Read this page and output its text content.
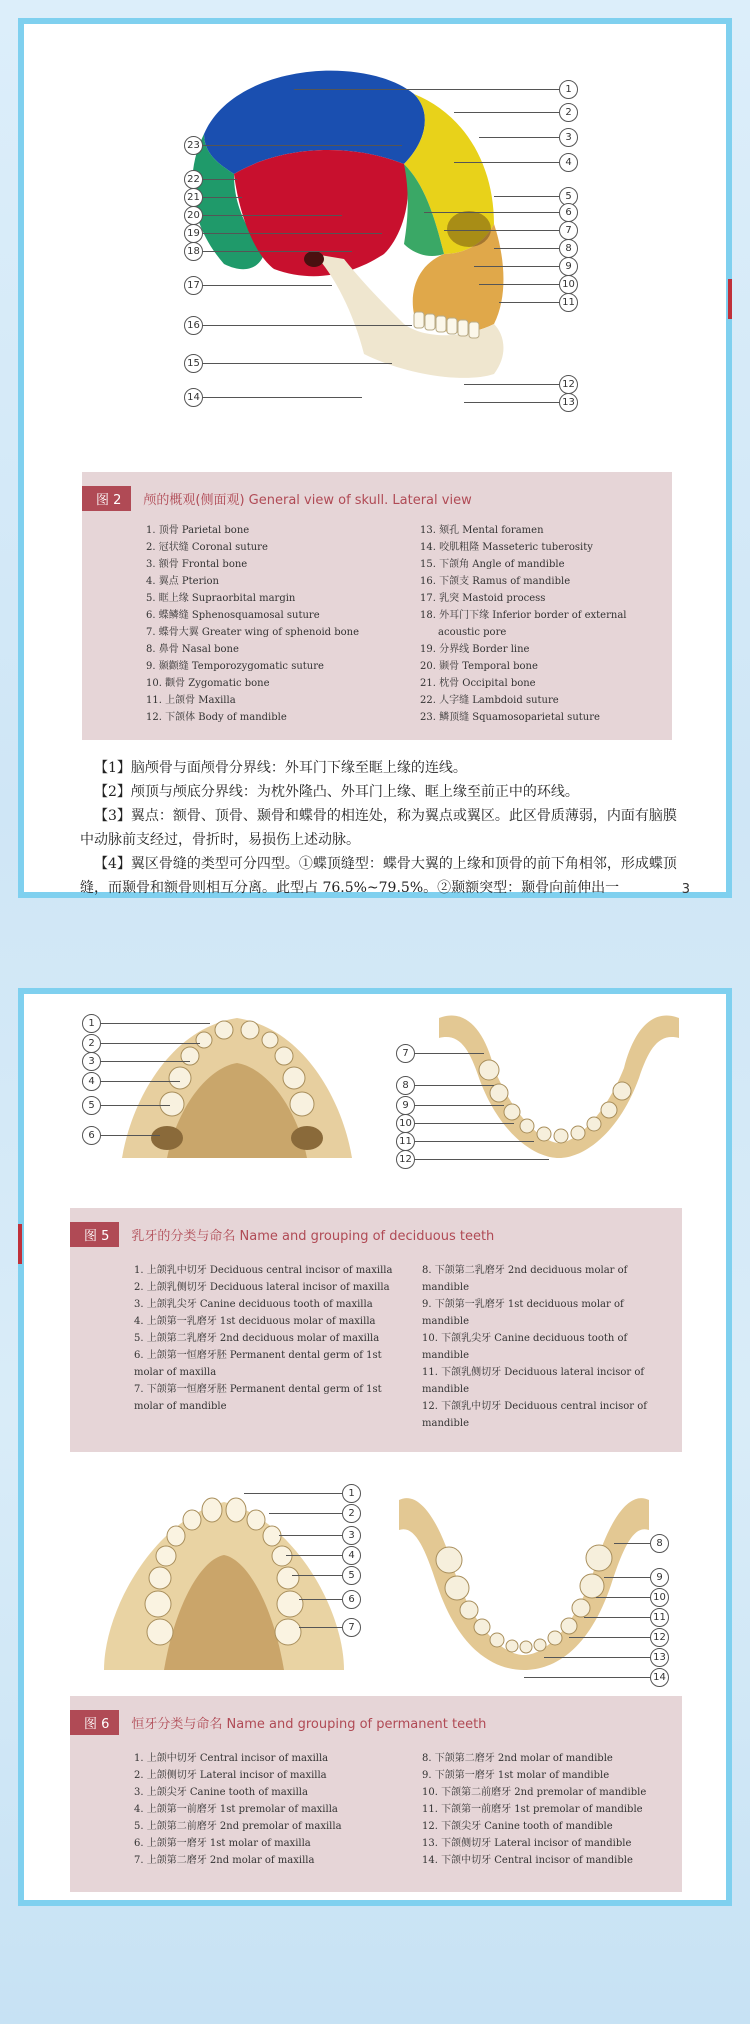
1
2
3
4
5
6
7
8
9
10
11
12
13
14
15
16
17
18
19
20
21
22
23
图 2	颅的概观(侧面观) General view of skull. Lateral view
1. 顶骨 Parietal bone
2. 冠状缝 Coronal suture
3. 额骨 Frontal bone
4. 翼点 Pterion
5. 眶上缘 Supraorbital margin
6. 蝶鳞缝 Sphenosquamosal suture
7. 蝶骨大翼 Greater wing of sphenoid bone
8. 鼻骨 Nasal bone
9. 颞颧缝 Temporozygomatic suture
10. 颧骨 Zygomatic bone
11. 上颌骨 Maxilla
12. 下颌体 Body of mandible
13. 颏孔 Mental foramen
14. 咬肌粗隆 Masseteric tuberosity
15. 下颌角 Angle of mandible
16. 下颌支 Ramus of mandible
17. 乳突 Mastoid process
18. 外耳门下缘 Inferior border of external
acoustic pore
19. 分界线 Border line
20. 颞骨 Temporal bone
21. 枕骨 Occipital bone
22. 人字缝 Lambdoid suture
23. 鳞顶缝 Squamosoparietal suture

【1】脑颅骨与面颅骨分界线：外耳门下缘至眶上缘的连线。

【2】颅顶与颅底分界线：为枕外隆凸、外耳门上缘、眶上缘至前正中的环线。

【3】翼点：额骨、顶骨、颞骨和蝶骨的相连处，称为翼点或翼区。此区骨质薄弱，内面有脑膜中动脉前支经过，骨折时，易损伤上述动脉。

【4】翼区骨缝的类型可分四型。①蝶顶缝型：蝶骨大翼的上缘和顶骨的前下角相邻，形成蝶顶缝，而颞骨和额骨则相互分离。此型占 76.5%~79.5%。②颞额突型：颞骨向前伸出一	3
1
2
3
4
5
6
7
8
9
10
11
12
图 5	乳牙的分类与命名 Name and grouping of deciduous teeth
1. 上颌乳中切牙 Deciduous central incisor of maxilla
2. 上颌乳侧切牙 Deciduous lateral incisor of maxilla
3. 上颌乳尖牙 Canine deciduous tooth of maxilla
4. 上颌第一乳磨牙 1st deciduous molar of maxilla
5. 上颌第二乳磨牙 2nd deciduous molar of maxilla
6. 上颌第一恒磨牙胚 Permanent dental germ of 1st molar of maxilla
7. 下颌第一恒磨牙胚 Permanent dental germ of 1st molar of mandible
8. 下颌第二乳磨牙 2nd deciduous molar of mandible
9. 下颌第一乳磨牙 1st deciduous molar of mandible
10. 下颌乳尖牙 Canine deciduous tooth of mandible
11. 下颌乳侧切牙 Deciduous lateral incisor of mandible
12. 下颌乳中切牙 Deciduous central incisor of mandible
1
2
3
4
5
6
7
8
9
10
11
12
13
14
图 6	恒牙分类与命名 Name and grouping of permanent teeth
1. 上颌中切牙 Central incisor of maxilla
2. 上颌侧切牙 Lateral incisor of maxilla
3. 上颌尖牙 Canine tooth of maxilla
4. 上颌第一前磨牙 1st premolar of maxilla
5. 上颌第二前磨牙 2nd premolar of maxilla
6. 上颌第一磨牙 1st molar of maxilla
7. 上颌第二磨牙 2nd molar of maxilla
8. 下颌第二磨牙 2nd molar of mandible
9. 下颌第一磨牙 1st molar of mandible
10. 下颌第二前磨牙 2nd premolar of mandible
11. 下颌第一前磨牙 1st premolar of mandible
12. 下颌尖牙 Canine tooth of mandible
13. 下颌侧切牙 Lateral incisor of mandible
14. 下颌中切牙 Central incisor of mandible
